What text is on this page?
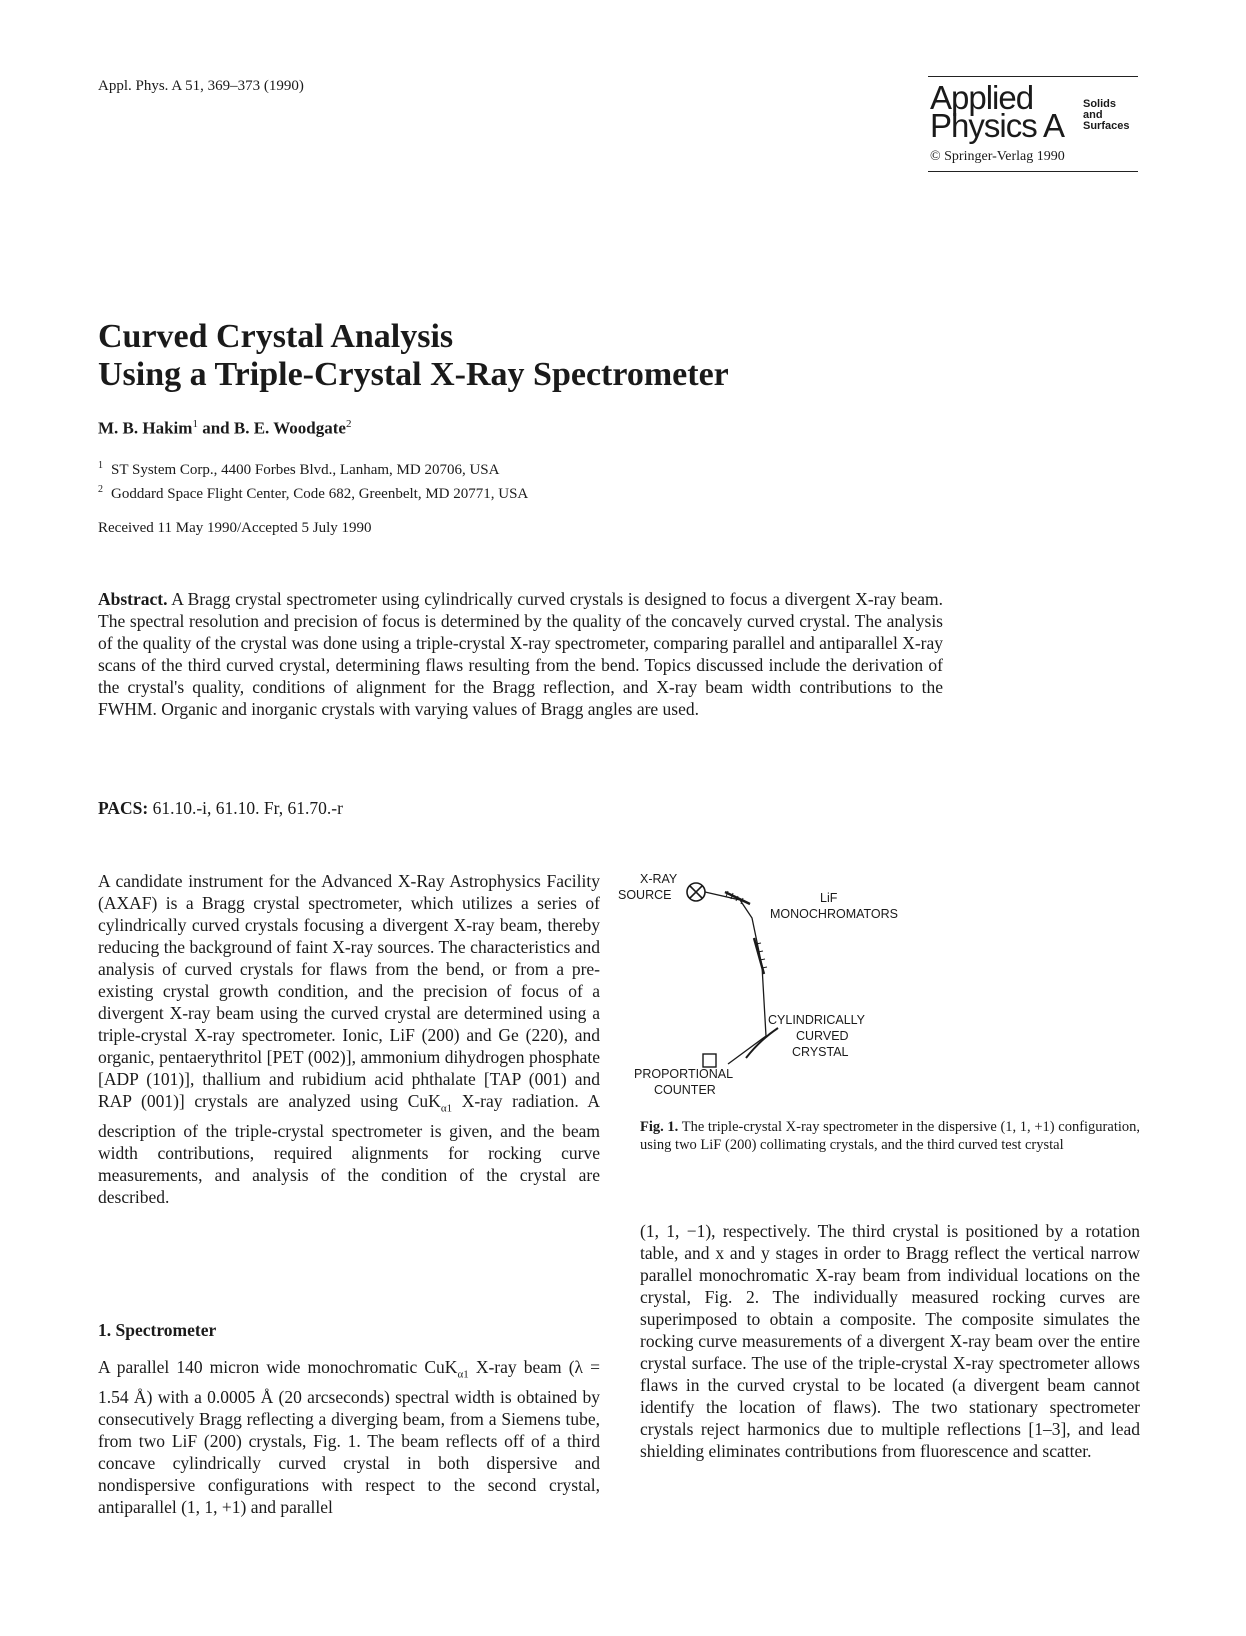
Appl. Phys. A 51, 369–373 (1990)	Applied
Physics A
Solids
and
Surfaces
© Springer-Verlag 1990
Curved Crystal Analysis
Using a Triple-Crystal X-Ray Spectrometer
M. B. Hakim$^1$ and B. E. Woodgate$^2$
$^1$ ST System Corp., 4400 Forbes Blvd., Lanham, MD 20706, USA
$^2$ Goddard Space Flight Center, Code 682, Greenbelt, MD 20771, USA
Received 11 May 1990/Accepted 5 July 1990

Abstract. A Bragg crystal spectrometer using cylindrically curved crystals is designed to focus a divergent X-ray beam. The spectral resolution and precision of focus is determined by the quality of the concavely curved crystal. The analysis of the quality of the crystal was done using a triple-crystal X-ray spectrometer, comparing parallel and antiparallel X-ray scans of the third curved crystal, determining flaws resulting from the bend. Topics discussed include the derivation of the crystal's quality, conditions of alignment for the Bragg reflection, and X-ray beam width contributions to the FWHM. Organic and inorganic crystals with varying values of Bragg angles are used.

PACS: 61.10.-i, 61.10. Fr, 61.70.-r

A candidate instrument for the Advanced X-Ray Astrophysics Facility (AXAF) is a Bragg crystal spectrometer, which utilizes a series of cylindrically curved crystals focusing a divergent X-ray beam, thereby reducing the background of faint X-ray sources. The characteristics and analysis of curved crystals for flaws from the bend, or from a pre-existing crystal growth condition, and the precision of focus of a divergent X-ray beam using the curved crystal are determined using a triple-crystal X-ray spectrometer. Ionic, LiF (200) and Ge (220), and organic, pentaerythritol [PET (002)], ammonium dihydrogen phosphate [ADP (101)], thallium and rubidium acid phthalate [TAP (001) and RAP (001)] crystals are analyzed using CuK$_{\alpha 1}$ X-ray radiation. A description of the triple-crystal spectrometer is given, and the beam width contributions, required alignments for rocking curve measurements, and analysis of the condition of the crystal are described.

1. Spectrometer

A parallel 140 micron wide monochromatic CuK$_{\alpha 1}$ X-ray beam (λ = 1.54 Å) with a 0.0005 Å (20 arcseconds) spectral width is obtained by consecutively Bragg reflecting a diverging beam, from a Siemens tube, from two LiF (200) crystals, Fig. 1. The beam reflects off of a third concave cylindrically curved crystal in both dispersive and nondispersive configurations with respect to the second crystal, antiparallel (1, 1, +1) and parallel

X-RAY
SOURCE	LiF
MONOCHROMATORS
CYLINDRICALLY
CURVED
CRYSTAL
PROPORTIONAL
COUNTER

Fig. 1. The triple-crystal X-ray spectrometer in the dispersive (1, 1, +1) configuration, using two LiF (200) collimating crystals, and the third curved test crystal

(1, 1, −1), respectively. The third crystal is positioned by a rotation table, and x and y stages in order to Bragg reflect the vertical narrow parallel monochromatic X-ray beam from individual locations on the crystal, Fig. 2. The individually measured rocking curves are superimposed to obtain a composite. The composite simulates the rocking curve measurements of a divergent X-ray beam over the entire crystal surface. The use of the triple-crystal X-ray spectrometer allows flaws in the curved crystal to be located (a divergent beam cannot identify the location of flaws). The two stationary spectrometer crystals reject harmonics due to multiple reflections [1–3], and lead shielding eliminates contributions from fluorescence and scatter.
